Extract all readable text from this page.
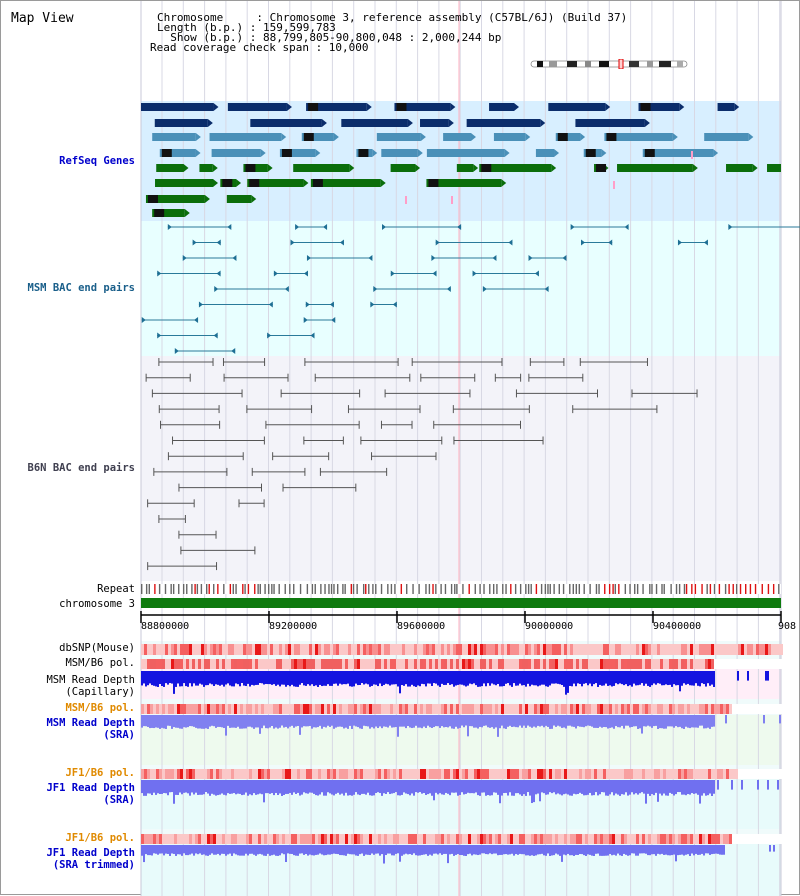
Map View	Chromosome     : Chromosome 3, reference assembly (C57BL/6J) (Build 37)
Length (b.p.) : 159,599,783
Show (b.p.) : 88,799,805-90,800,048 : 2,000,244 bp
Read coverage check span : 10,000
RefSeq Genes
MSM BAC end pairs
B6N BAC end pairs
Repeat
chromosome 3
88800000	89200000	89600000	90000000	90400000	908
dbSNP(Mouse)
MSM/B6 pol.
MSM Read Depth
(Capillary)
MSM/B6 pol.
MSM Read Depth
(SRA)
JF1/B6 pol.
JF1 Read Depth
(SRA)
JF1/B6 pol.
JF1 Read Depth
(SRA trimmed)
